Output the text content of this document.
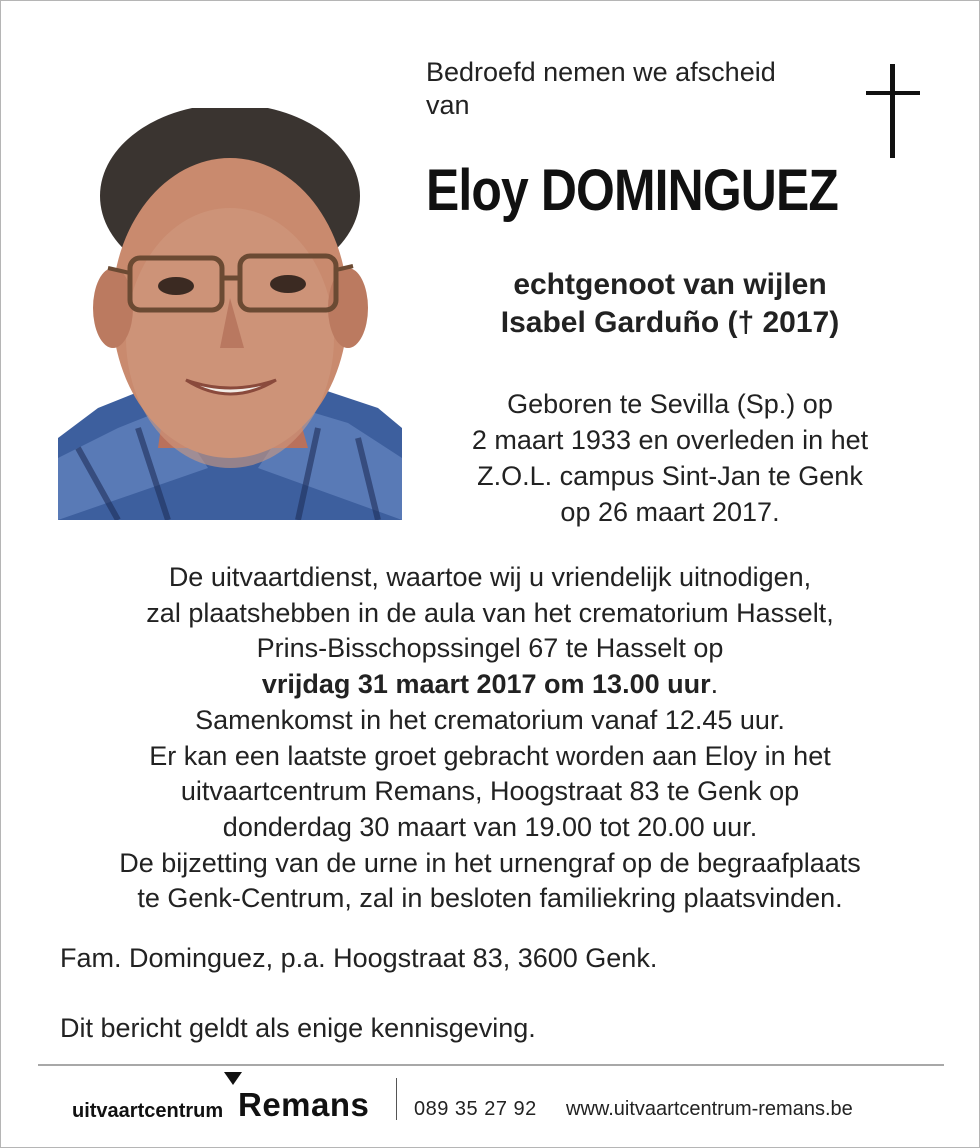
Bedroefd nemen we afscheid
van
Eloy DOMINGUEZ
echtgenoot van wijlen
Isabel Garduño († 2017)
Geboren te Sevilla (Sp.) op
2 maart 1933 en overleden in het
Z.O.L. campus Sint-Jan te Genk
op 26 maart 2017.
De uitvaartdienst, waartoe wij u vriendelijk uitnodigen,
zal plaatshebben in de aula van het crematorium Hasselt,
Prins-Bisschopssingel 67 te Hasselt op
vrijdag 31 maart 2017 om 13.00 uur.
Samenkomst in het crematorium vanaf 12.45 uur.
Er kan een laatste groet gebracht worden aan Eloy in het
uitvaartcentrum Remans, Hoogstraat 83 te Genk op
donderdag 30 maart van 19.00 tot 20.00 uur.
De bijzetting van de urne in het urnengraf op de begraafplaats
te Genk-Centrum, zal in besloten familiekring plaatsvinden.
Fam. Dominguez, p.a. Hoogstraat 83, 3600 Genk.
Dit bericht geldt als enige kennisgeving.
uitvaartcentrum Remans 089 35 27 92 www.uitvaartcentrum-remans.be
